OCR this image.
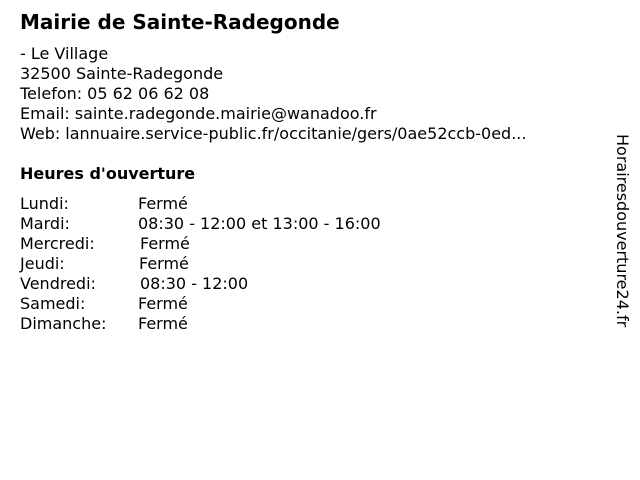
Mairie de Sainte-Radegonde
- Le Village
32500 Sainte-Radegonde
Telefon: 05 62 06 62 08
Email: sainte.radegonde.mairie@wanadoo.fr
Web: lannuaire.service-public.fr/occitanie/gers/0ae52ccb-0ed...
Heures d'ouverture
Lundi:	Fermé
Mardi:	08:30 - 12:00 et 13:00 - 16:00
Mercredi:	Fermé
Jeudi:	Fermé
Vendredi:	08:30 - 12:00
Samedi:	Fermé
Dimanche: Fermé	Horairesdouverture24.fr
